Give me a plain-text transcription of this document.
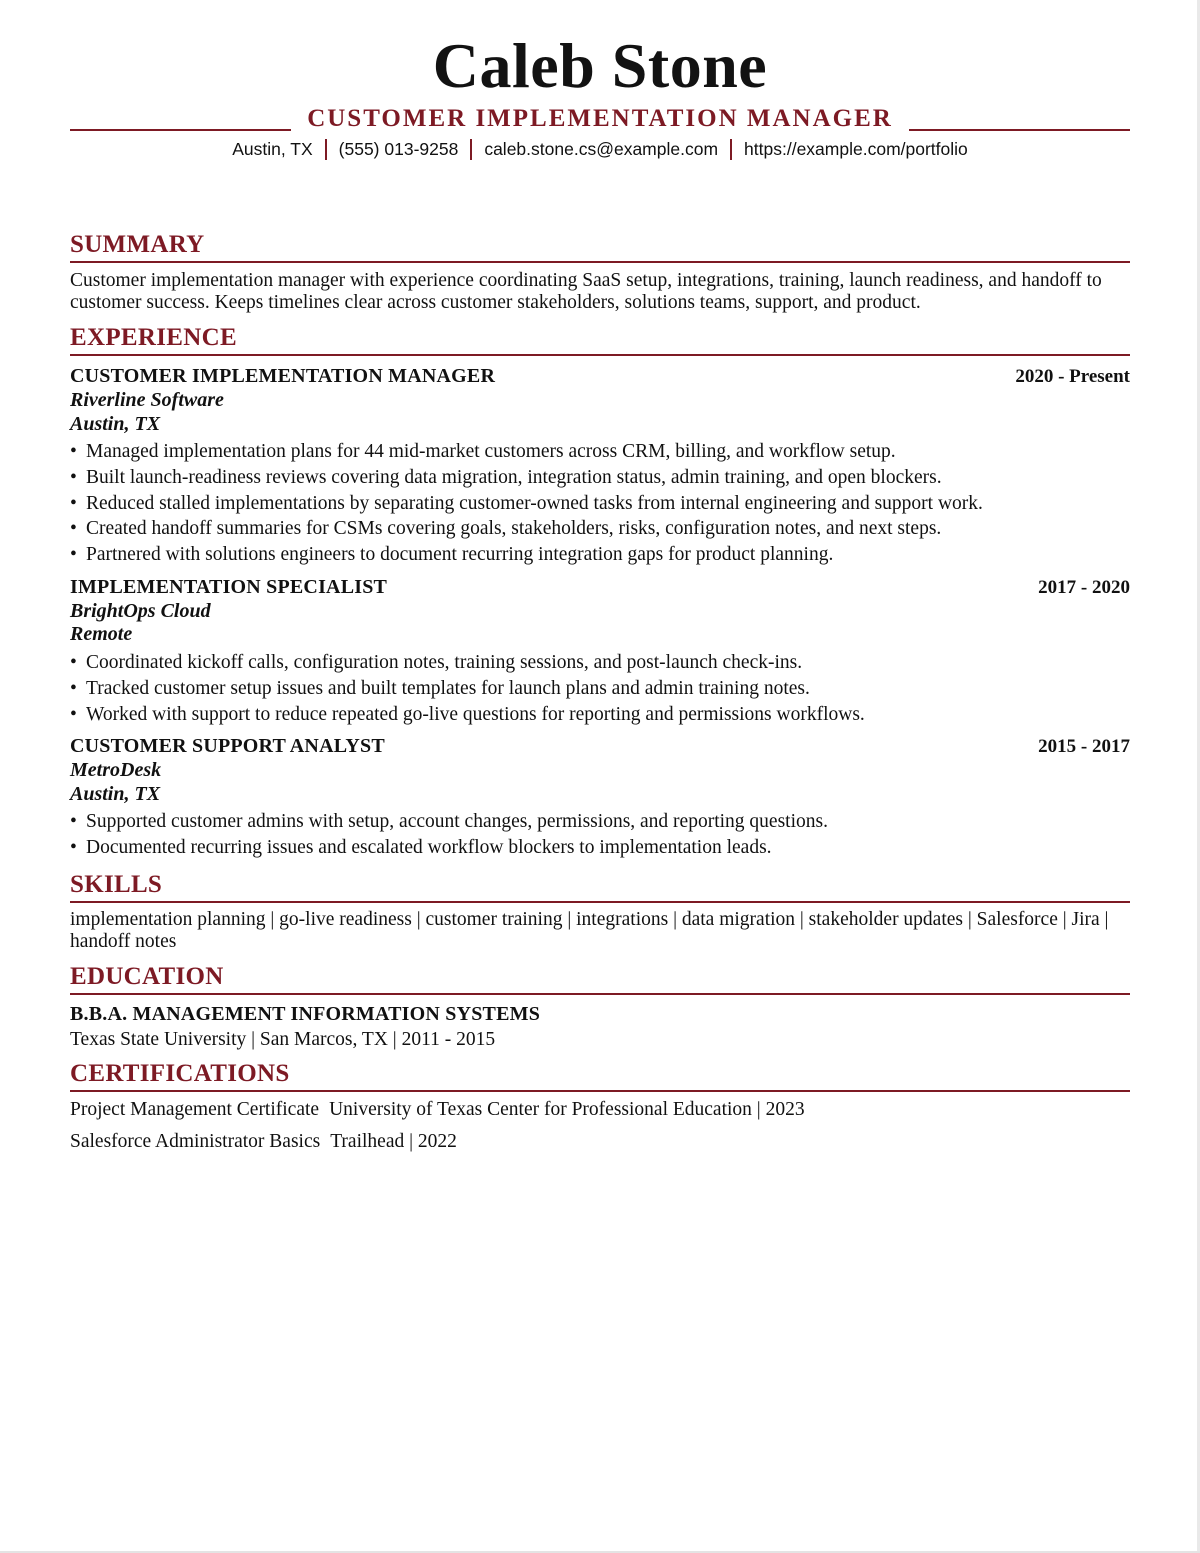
Caleb Stone
CUSTOMER IMPLEMENTATION MANAGER
Austin, TX (555) 013-9258 caleb.stone.cs@example.com https://example.com/portfolio
SUMMARY
Customer implementation manager with experience coordinating SaaS setup, integrations, training, launch readiness, and handoff to customer success. Keeps timelines clear across customer stakeholders, solutions teams, support, and product.
EXPERIENCE
CUSTOMER IMPLEMENTATION MANAGER	2020 - Present
Riverline Software
Austin, TX
• Managed implementation plans for 44 mid-market customers across CRM, billing, and workflow setup.
• Built launch-readiness reviews covering data migration, integration status, admin training, and open blockers.
• Reduced stalled implementations by separating customer-owned tasks from internal engineering and support work.
• Created handoff summaries for CSMs covering goals, stakeholders, risks, configuration notes, and next steps.
• Partnered with solutions engineers to document recurring integration gaps for product planning.
IMPLEMENTATION SPECIALIST	2017 - 2020
BrightOps Cloud
Remote
• Coordinated kickoff calls, configuration notes, training sessions, and post-launch check-ins.
• Tracked customer setup issues and built templates for launch plans and admin training notes.
• Worked with support to reduce repeated go-live questions for reporting and permissions workflows.
CUSTOMER SUPPORT ANALYST	2015 - 2017
MetroDesk
Austin, TX
• Supported customer admins with setup, account changes, permissions, and reporting questions.
• Documented recurring issues and escalated workflow blockers to implementation leads.
SKILLS
implementation planning | go-live readiness | customer training | integrations | data migration | stakeholder updates | Salesforce | Jira | handoff notes
EDUCATION
B.B.A. MANAGEMENT INFORMATION SYSTEMS
Texas State University | San Marcos, TX | 2011 - 2015
CERTIFICATIONS
Project Management Certificate University of Texas Center for Professional Education | 2023
Salesforce Administrator Basics Trailhead | 2022
